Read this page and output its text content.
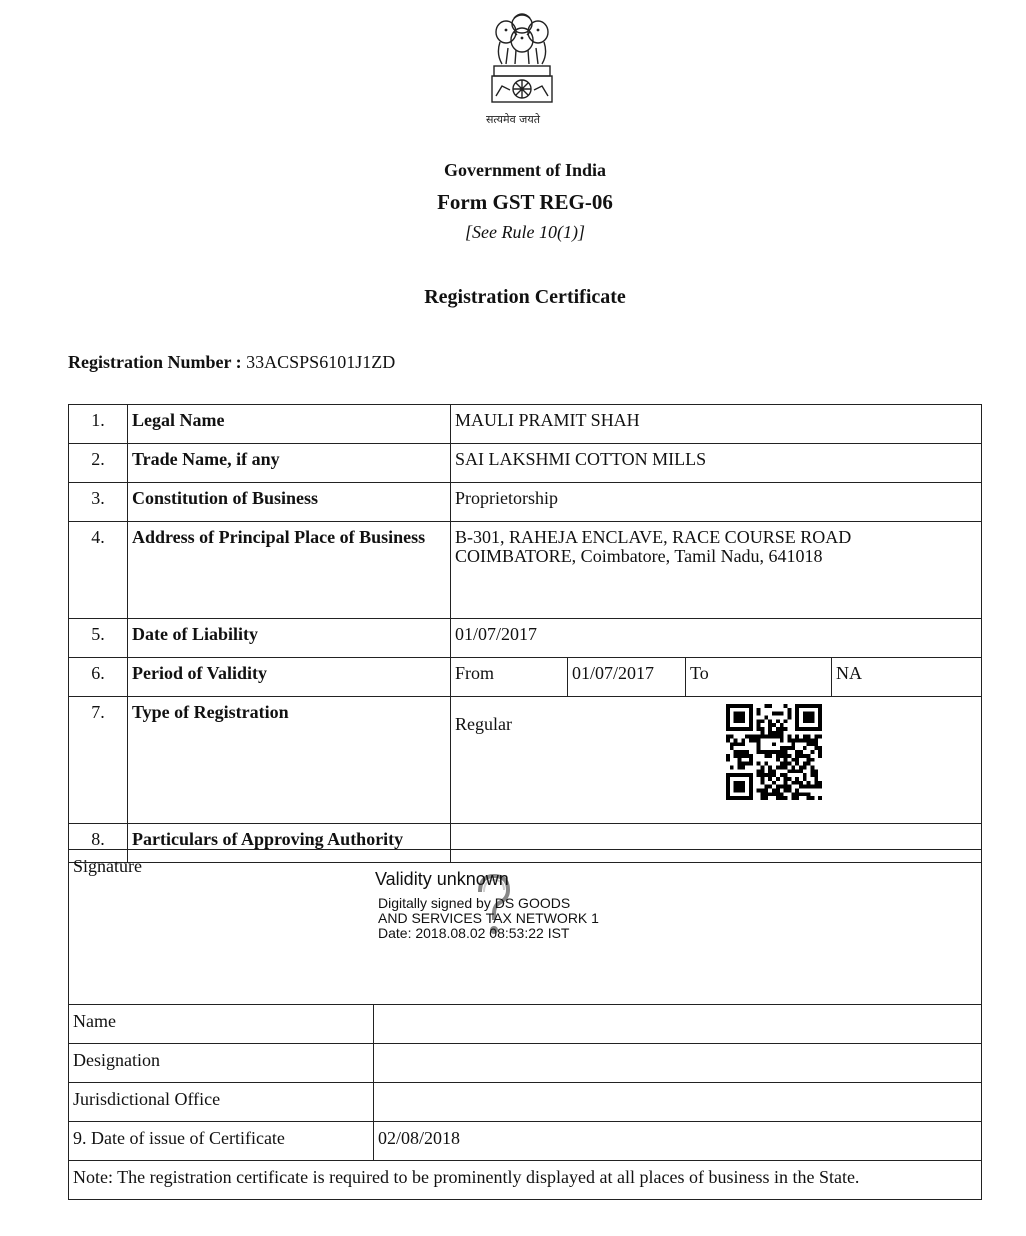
सत्यमेव जयते
Government of India
Form GST REG-06
[See Rule 10(1)]
Registration Certificate
Registration Number : 33ACSPS6101J1ZD
1.	Legal Name	MAULI PRAMIT SHAH			
2.	Trade Name, if any	SAI LAKSHMI COTTON MILLS			
3.	Constitution of Business	Proprietorship			
4.	Address of Principal Place of Business	B-301, RAHEJA ENCLAVE, RACE COURSE ROAD
COIMBATORE, Coimbatore, Tamil Nadu, 641018			

5.	Date of Liability	01/07/2017			
6.	Period of Validity	From	01/07/2017	To	NA
7.	Type of Registration	Regular			
8.	Particulars of Approving Authority				
Signature	
Name	
Designation	
Jurisdictional Office	
9. Date of issue of Certificate	02/08/2018
Note: The registration certificate is required to be prominently displayed at all places of business in the State.	
Validity unknown
Digitally signed by DS GOODS
AND SERVICES TAX NETWORK 1
Date: 2018.08.02 08:53:22 IST
